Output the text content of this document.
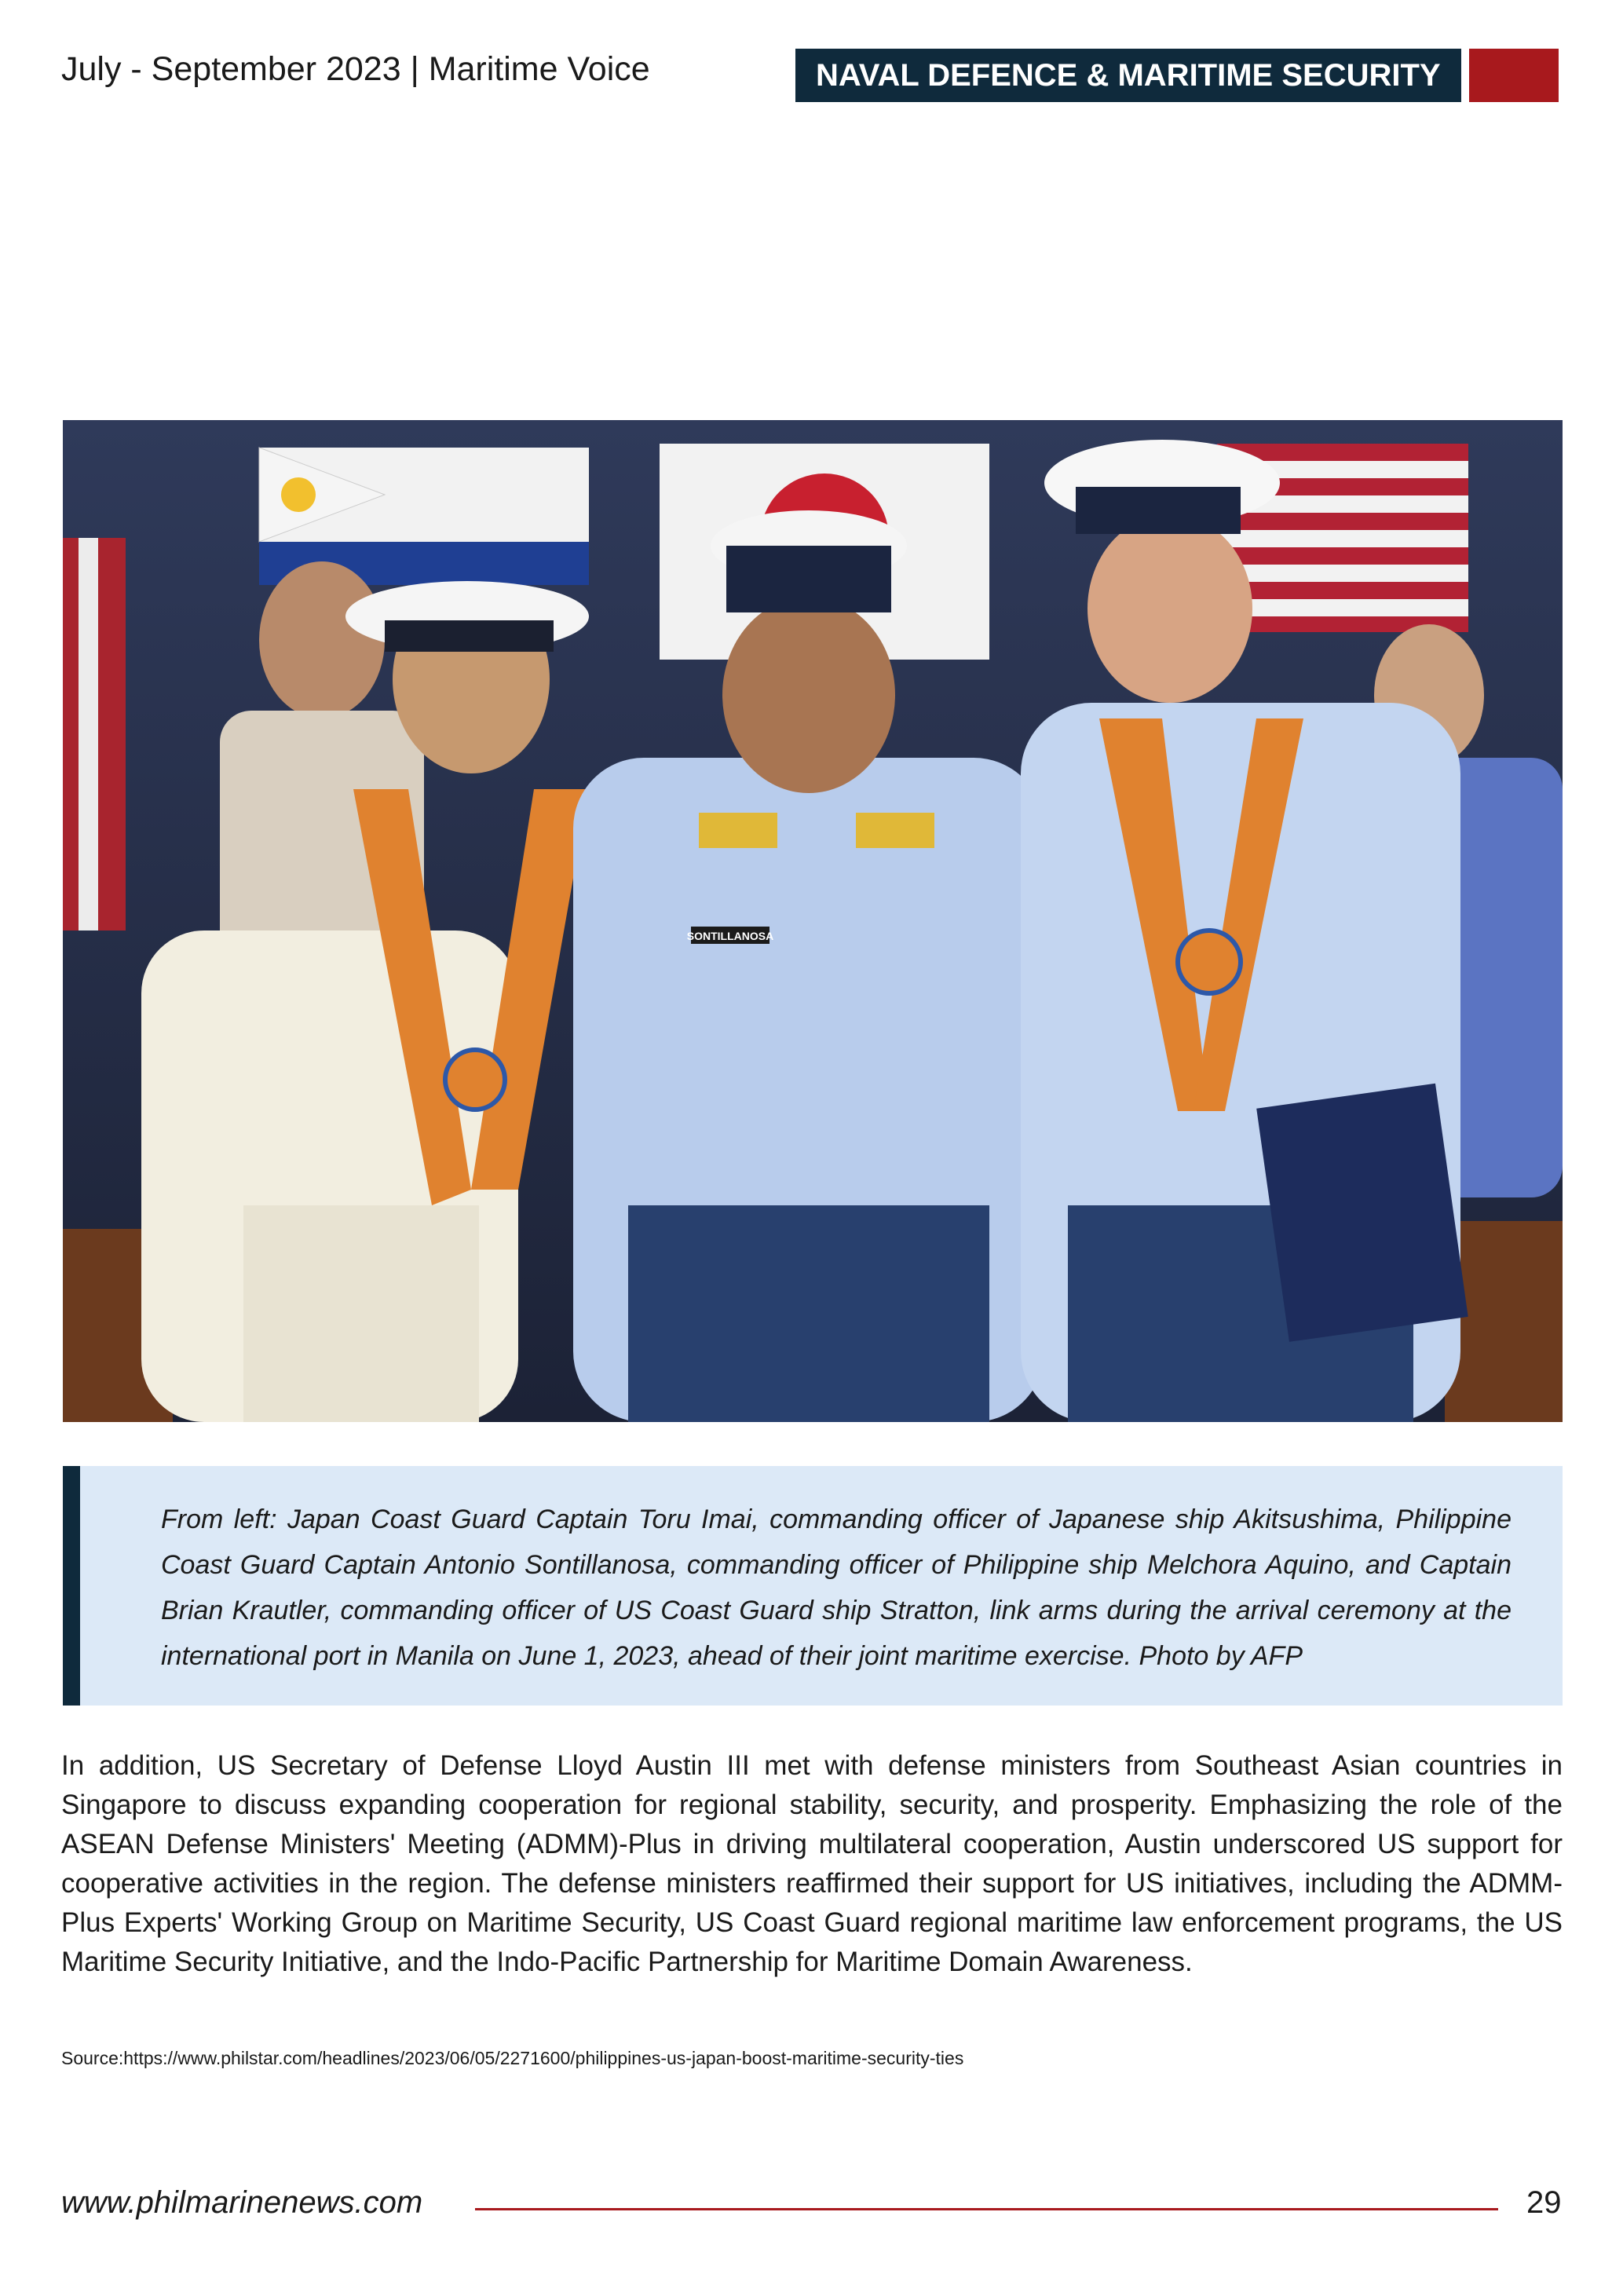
July - September 2023 | Maritime Voice	NAVAL DEFENCE & MARITIME SECURITY
SONTILLANOSA

From left: Japan Coast Guard Captain Toru Imai, commanding officer of Japanese ship Akitsushima, Philippine Coast Guard Captain Antonio Sontillanosa, commanding officer of Philippine ship Melchora Aquino, and Captain Brian Krautler, commanding officer of US Coast Guard ship Stratton, link arms during the arrival ceremony at the international port in Manila on June 1, 2023, ahead of their joint maritime exercise. Photo by AFP

In addition, US Secretary of Defense Lloyd Austin III met with defense ministers from Southeast Asian countries in Singapore to discuss expanding cooperation for regional stability, security, and prosperity. Emphasizing the role of the ASEAN Defense Ministers' Meeting (ADMM)-Plus in driving multilateral cooperation, Austin underscored US support for cooperative activities in the region. The defense ministers reaffirmed their support for US initiatives, including the ADMM-Plus Experts' Working Group on Maritime Security, US Coast Guard regional maritime law enforcement programs, the US Maritime Security Initiative, and the Indo-Pacific Partnership for Maritime Domain Awareness.

Source:https://www.philstar.com/headlines/2023/06/05/2271600/philippines-us-japan-boost-maritime-security-ties
www.philmarinenews.com	29
